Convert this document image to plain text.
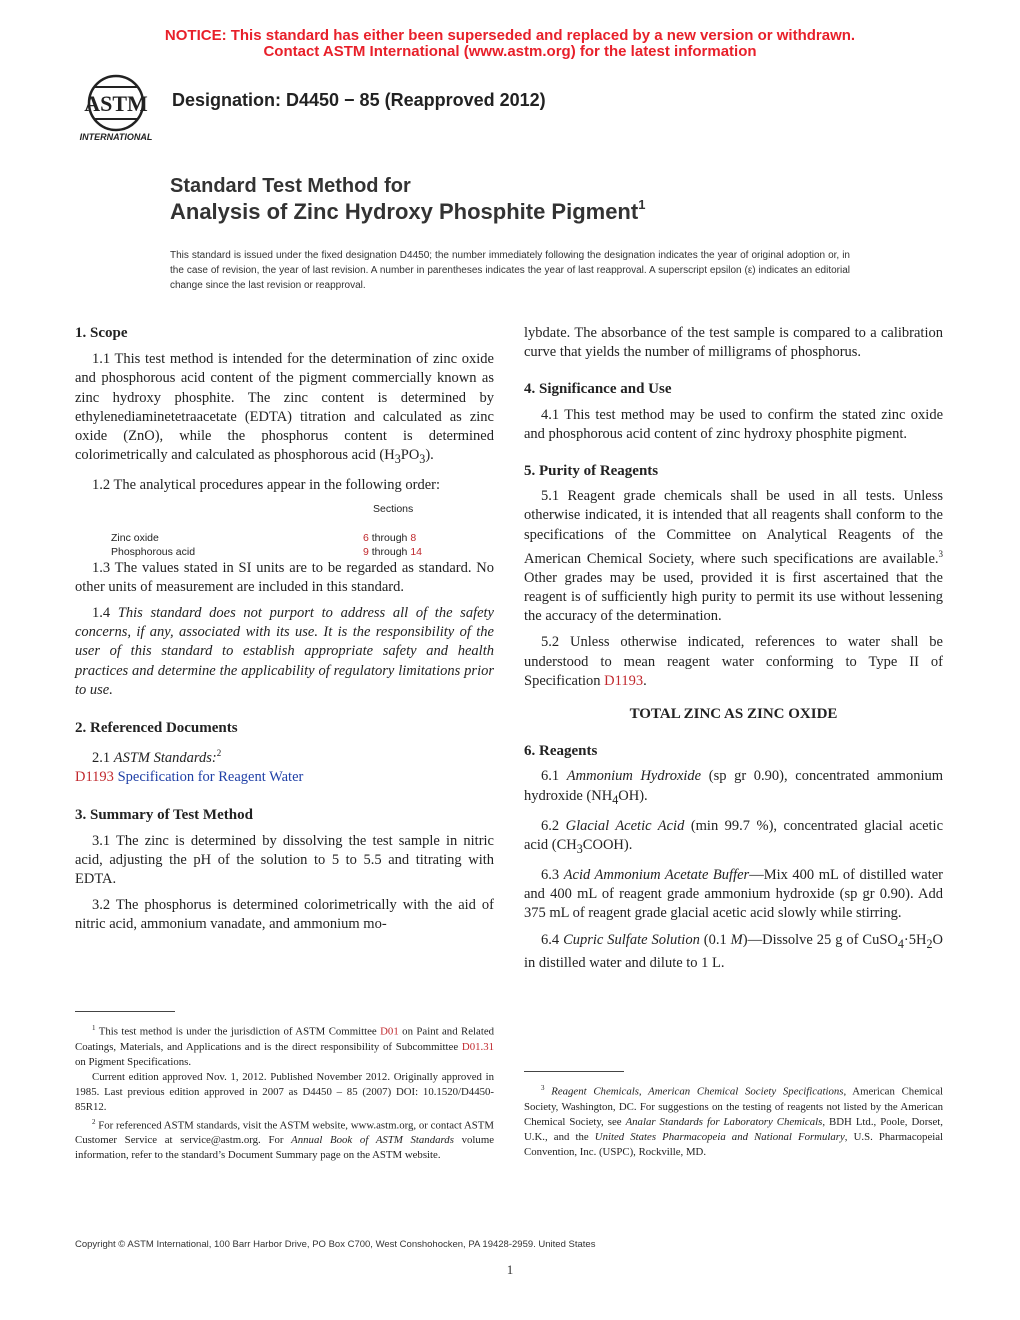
NOTICE: This standard has either been superseded and replaced by a new version or withdrawn.
Contact ASTM International (www.astm.org) for the latest information
ASTM
INTERNATIONAL
Designation: D4450 − 85 (Reapproved 2012)
Standard Test Method for
Analysis of Zinc Hydroxy Phosphite Pigment$^1$
This standard is issued under the fixed designation D4450; the number immediately following the designation indicates the year of original adoption or, in the case of revision, the year of last revision. A number in parentheses indicates the year of last reapproval. A superscript epsilon (ε) indicates an editorial change since the last revision or reapproval.

1. Scope

1.1 This test method is intended for the determination of zinc oxide and phosphorous acid content of the pigment commercially known as zinc hydroxy phosphite. The zinc content is determined by ethylenediaminetetraacetate (EDTA) titration and calculated as zinc oxide (ZnO), while the phosphorus content is determined colorimetrically and calculated as phosphorous acid $(H_3PO_3)$.

1.2 The analytical procedures appear in the following order:

Sections
Zinc oxide	6 through 8
Phosphorous acid	9 through 14

1.3 The values stated in SI units are to be regarded as standard. No other units of measurement are included in this standard.

1.4 This standard does not purport to address all of the safety concerns, if any, associated with its use. It is the responsibility of the user of this standard to establish appropriate safety and health practices and determine the applicability of regulatory limitations prior to use.

2. Referenced Documents

2.1 ASTM Standards:$^2$

D1193 Specification for Reagent Water

3. Summary of Test Method

3.1 The zinc is determined by dissolving the test sample in nitric acid, adjusting the pH of the solution to 5 to 5.5 and titrating with EDTA.

3.2 The phosphorus is determined colorimetrically with the aid of nitric acid, ammonium vanadate, and ammonium mo-

$^1$ This test method is under the jurisdiction of ASTM Committee D01 on Paint and Related Coatings, Materials, and Applications and is the direct responsibility of Subcommittee D01.31 on Pigment Specifications.

Current edition approved Nov. 1, 2012. Published November 2012. Originally approved in 1985. Last previous edition approved in 2007 as D4450 – 85 (2007) DOI: 10.1520/D4450-85R12.

$^2$ For referenced ASTM standards, visit the ASTM website, www.astm.org, or contact ASTM Customer Service at service@astm.org. For Annual Book of ASTM Standards volume information, refer to the standard’s Document Summary page on the ASTM website.

lybdate. The absorbance of the test sample is compared to a calibration curve that yields the number of milligrams of phosphorus.

4. Significance and Use

4.1 This test method may be used to confirm the stated zinc oxide and phosphorous acid content of zinc hydroxy phosphite pigment.

5. Purity of Reagents

5.1 Reagent grade chemicals shall be used in all tests. Unless otherwise indicated, it is intended that all reagents shall conform to the specifications of the Committee on Analytical Reagents of the American Chemical Society, where such specifications are available.$^3$ Other grades may be used, provided it is first ascertained that the reagent is of sufficiently high purity to permit its use without lessening the accuracy of the determination.

5.2 Unless otherwise indicated, references to water shall be understood to mean reagent water conforming to Type II of Specification D1193.

TOTAL ZINC AS ZINC OXIDE

6. Reagents

6.1 Ammonium Hydroxide (sp gr 0.90), concentrated ammonium hydroxide $(NH_4OH)$.

6.2 Glacial Acetic Acid (min 99.7 %), concentrated glacial acetic acid $(CH_3COOH)$.

6.3 Acid Ammonium Acetate Buffer—Mix 400 mL of distilled water and 400 mL of reagent grade ammonium hydroxide (sp gr 0.90). Add 375 mL of reagent grade glacial acetic acid slowly while stirring.

6.4 Cupric Sulfate Solution (0.1 M)—Dissolve 25 g of $CuSO_4\cdot 5H_2O$ in distilled water and dilute to 1 L.

$^3$ Reagent Chemicals, American Chemical Society Specifications, American Chemical Society, Washington, DC. For suggestions on the testing of reagents not listed by the American Chemical Society, see Analar Standards for Laboratory Chemicals, BDH Ltd., Poole, Dorset, U.K., and the United States Pharmacopeia and National Formulary, U.S. Pharmacopeial Convention, Inc. (USPC), Rockville, MD.

Copyright © ASTM International, 100 Barr Harbor Drive, PO Box C700, West Conshohocken, PA 19428-2959. United States
1
